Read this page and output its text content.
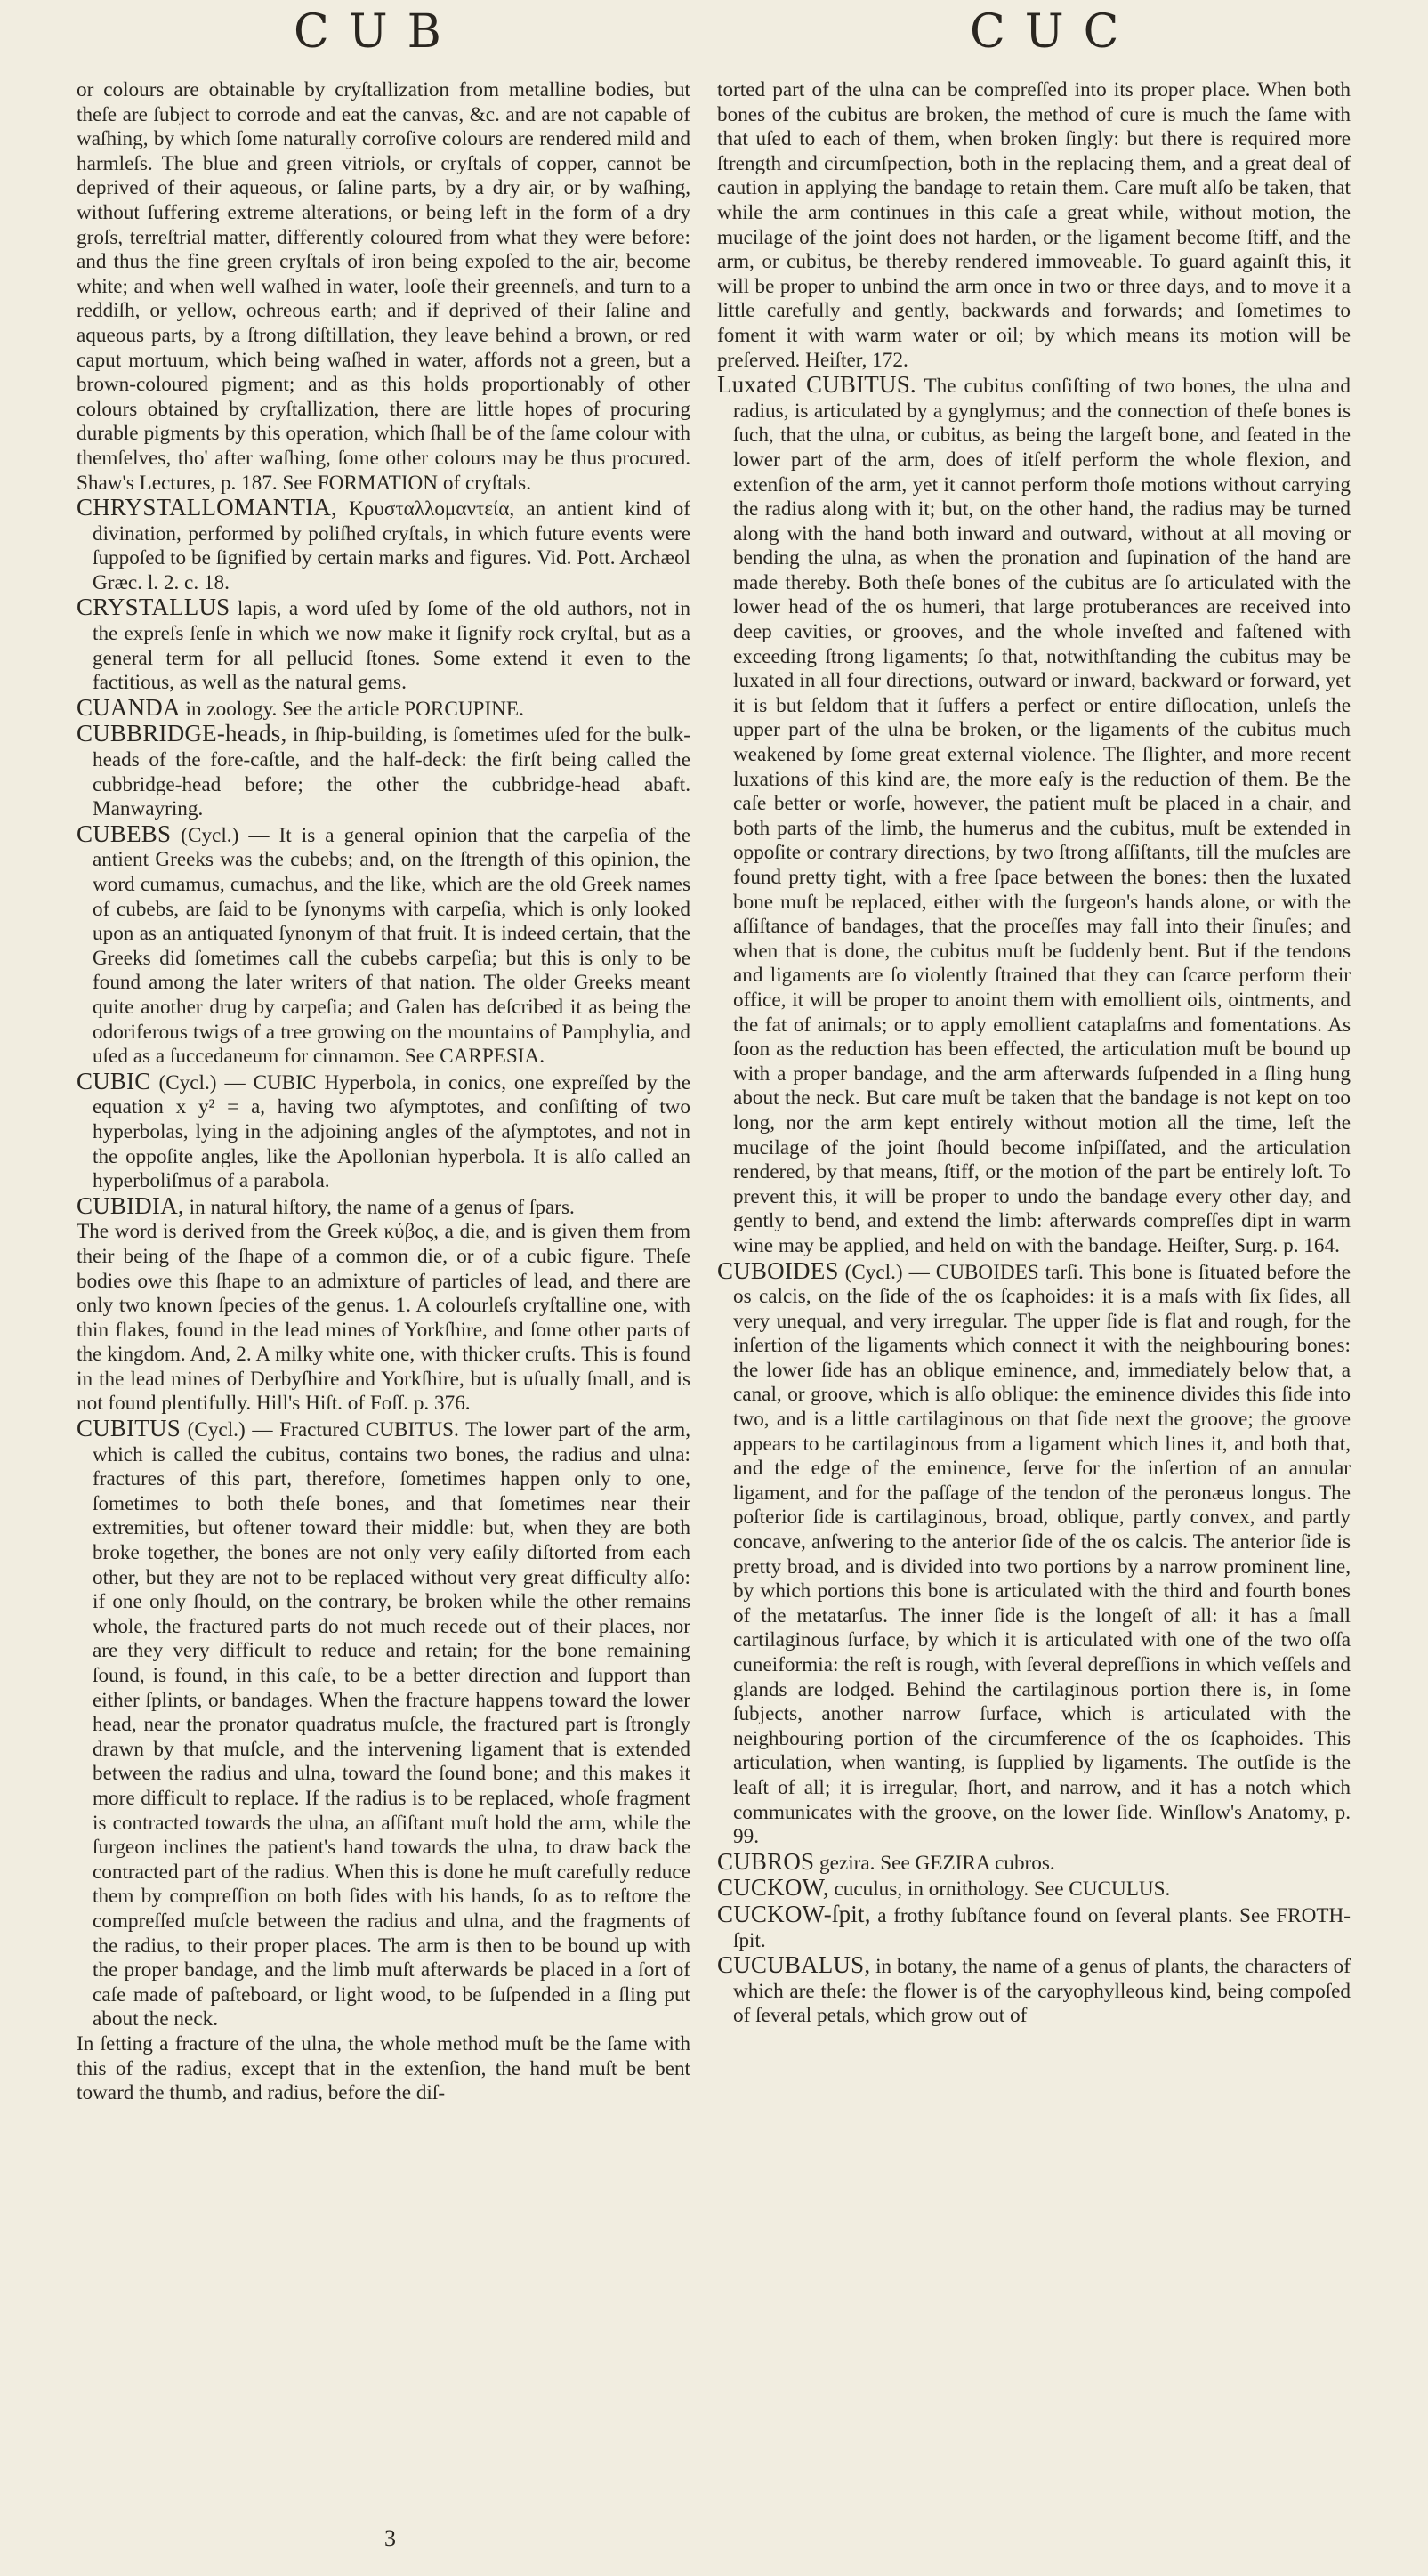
CUB	CUC

or colours are obtainable by cryſtallization from metalline bodies, but theſe are ſubject to corrode and eat the canvas, &c. and are not capable of waſhing, by which ſome naturally corroſive colours are rendered mild and harmleſs. The blue and green vitriols, or cryſtals of copper, cannot be deprived of their aqueous, or ſaline parts, by a dry air, or by waſhing, without ſuffering extreme alterations, or being left in the form of a dry groſs, terreſtrial matter, differently coloured from what they were before: and thus the fine green cryſtals of iron being expoſed to the air, become white; and when well waſhed in water, looſe their greenneſs, and turn to a reddiſh, or yellow, ochreous earth; and if deprived of their ſaline and aqueous parts, by a ſtrong diſtillation, they leave behind a brown, or red caput mortuum, which being waſhed in water, affords not a green, but a brown-coloured pigment; and as this holds proportionably of other colours obtained by cryſtallization, there are little hopes of procuring durable pigments by this operation, which ſhall be of the ſame colour with themſelves, tho' after waſhing, ſome other colours may be thus procured. Shaw's Lectures, p. 187. See FORMATION of cryſtals.

CHRYSTALLOMANTIA, Κρυσταλλομαντεία, an antient kind of divination, performed by poliſhed cryſtals, in which future events were ſuppoſed to be ſignified by certain marks and figures. Vid. Pott. Archæol Græc. l. 2. c. 18.

CRYSTALLUS lapis, a word uſed by ſome of the old authors, not in the expreſs ſenſe in which we now make it ſignify rock cryſtal, but as a general term for all pellucid ſtones. Some extend it even to the factitious, as well as the natural gems.

CUANDA in zoology. See the article PORCUPINE.

CUBBRIDGE-heads, in ſhip-building, is ſometimes uſed for the bulk-heads of the fore-caſtle, and the half-deck: the firſt being called the cubbridge-head before; the other the cubbridge-head abaft. Manwayring.

CUBEBS (Cycl.) — It is a general opinion that the carpeſia of the antient Greeks was the cubebs; and, on the ſtrength of this opinion, the word cumamus, cumachus, and the like, which are the old Greek names of cubebs, are ſaid to be ſynonyms with carpeſia, which is only looked upon as an antiquated ſynonym of that fruit. It is indeed certain, that the Greeks did ſometimes call the cubebs carpeſia; but this is only to be found among the later writers of that nation. The older Greeks meant quite another drug by carpeſia; and Galen has deſcribed it as being the odoriferous twigs of a tree growing on the mountains of Pamphylia, and uſed as a ſuccedaneum for cinnamon. See CARPESIA.

CUBIC (Cycl.) — CUBIC Hyperbola, in conics, one expreſſed by the equation x y² = a, having two aſymptotes, and conſiſting of two hyperbolas, lying in the adjoining angles of the aſymptotes, and not in the oppoſite angles, like the Apollonian hyperbola. It is alſo called an hyperboliſmus of a parabola.

CUBIDIA, in natural hiſtory, the name of a genus of ſpars.

The word is derived from the Greek κύβος, a die, and is given them from their being of the ſhape of a common die, or of a cubic figure. Theſe bodies owe this ſhape to an admixture of particles of lead, and there are only two known ſpecies of the genus. 1. A colourleſs cryſtalline one, with thin flakes, found in the lead mines of Yorkſhire, and ſome other parts of the kingdom. And, 2. A milky white one, with thicker cruſts. This is found in the lead mines of Derbyſhire and Yorkſhire, but is uſually ſmall, and is not found plentifully. Hill's Hiſt. of Foſſ. p. 376.

CUBITUS (Cycl.) — Fractured CUBITUS. The lower part of the arm, which is called the cubitus, contains two bones, the radius and ulna: fractures of this part, therefore, ſometimes happen only to one, ſometimes to both theſe bones, and that ſometimes near their extremities, but oftener toward their middle: but, when they are both broke together, the bones are not only very eaſily diſtorted from each other, but they are not to be replaced without very great difficulty alſo: if one only ſhould, on the contrary, be broken while the other remains whole, the fractured parts do not much recede out of their places, nor are they very difficult to reduce and retain; for the bone remaining ſound, is found, in this caſe, to be a better direction and ſupport than either ſplints, or bandages. When the fracture happens toward the lower head, near the pronator quadratus muſcle, the fractured part is ſtrongly drawn by that muſcle, and the intervening ligament that is extended between the radius and ulna, toward the ſound bone; and this makes it more difficult to replace. If the radius is to be replaced, whoſe fragment is contracted towards the ulna, an aſſiſtant muſt hold the arm, while the ſurgeon inclines the patient's hand towards the ulna, to draw back the contracted part of the radius. When this is done he muſt carefully reduce them by compreſſion on both ſides with his hands, ſo as to reſtore the compreſſed muſcle between the radius and ulna, and the fragments of the radius, to their proper places. The arm is then to be bound up with the proper bandage, and the limb muſt afterwards be placed in a ſort of caſe made of paſteboard, or light wood, to be ſuſpended in a ſling put about the neck.

In ſetting a fracture of the ulna, the whole method muſt be the ſame with this of the radius, except that in the extenſion, the hand muſt be bent toward the thumb, and radius, before the diſ-

torted part of the ulna can be compreſſed into its proper place. When both bones of the cubitus are broken, the method of cure is much the ſame with that uſed to each of them, when broken ſingly: but there is required more ſtrength and circumſpection, both in the replacing them, and a great deal of caution in applying the bandage to retain them. Care muſt alſo be taken, that while the arm continues in this caſe a great while, without motion, the mucilage of the joint does not harden, or the ligament become ſtiff, and the arm, or cubitus, be thereby rendered immoveable. To guard againſt this, it will be proper to unbind the arm once in two or three days, and to move it a little carefully and gently, backwards and forwards; and ſometimes to foment it with warm water or oil; by which means its motion will be preſerved. Heiſter, 172.

Luxated CUBITUS. The cubitus conſiſting of two bones, the ulna and radius, is articulated by a gynglymus; and the connection of theſe bones is ſuch, that the ulna, or cubitus, as being the largeſt bone, and ſeated in the lower part of the arm, does of itſelf perform the whole flexion, and extenſion of the arm, yet it cannot perform thoſe motions without carrying the radius along with it; but, on the other hand, the radius may be turned along with the hand both inward and outward, without at all moving or bending the ulna, as when the pronation and ſupination of the hand are made thereby. Both theſe bones of the cubitus are ſo articulated with the lower head of the os humeri, that large protuberances are received into deep cavities, or grooves, and the whole inveſted and faſtened with exceeding ſtrong ligaments; ſo that, notwithſtanding the cubitus may be luxated in all four directions, outward or inward, backward or forward, yet it is but ſeldom that it ſuffers a perfect or entire diſlocation, unleſs the upper part of the ulna be broken, or the ligaments of the cubitus much weakened by ſome great external violence. The ſlighter, and more recent luxations of this kind are, the more eaſy is the reduction of them. Be the caſe better or worſe, however, the patient muſt be placed in a chair, and both parts of the limb, the humerus and the cubitus, muſt be extended in oppoſite or contrary directions, by two ſtrong aſſiſtants, till the muſcles are found pretty tight, with a free ſpace between the bones: then the luxated bone muſt be replaced, either with the ſurgeon's hands alone, or with the aſſiſtance of bandages, that the proceſſes may fall into their ſinuſes; and when that is done, the cubitus muſt be ſuddenly bent. But if the tendons and ligaments are ſo violently ſtrained that they can ſcarce perform their office, it will be proper to anoint them with emollient oils, ointments, and the fat of animals; or to apply emollient cataplaſms and fomentations. As ſoon as the reduction has been effected, the articulation muſt be bound up with a proper bandage, and the arm afterwards ſuſpended in a ſling hung about the neck. But care muſt be taken that the bandage is not kept on too long, nor the arm kept entirely without motion all the time, leſt the mucilage of the joint ſhould become inſpiſſated, and the articulation rendered, by that means, ſtiff, or the motion of the part be entirely loſt. To prevent this, it will be proper to undo the bandage every other day, and gently to bend, and extend the limb: afterwards compreſſes dipt in warm wine may be applied, and held on with the bandage. Heiſter, Surg. p. 164.

CUBOIDES (Cycl.) — CUBOIDES tarſi. This bone is ſituated before the os calcis, on the ſide of the os ſcaphoides: it is a maſs with ſix ſides, all very unequal, and very irregular. The upper ſide is flat and rough, for the inſertion of the ligaments which connect it with the neighbouring bones: the lower ſide has an oblique eminence, and, immediately below that, a canal, or groove, which is alſo oblique: the eminence divides this ſide into two, and is a little cartilaginous on that ſide next the groove; the groove appears to be cartilaginous from a ligament which lines it, and both that, and the edge of the eminence, ſerve for the inſertion of an annular ligament, and for the paſſage of the tendon of the peronæus longus. The poſterior ſide is cartilaginous, broad, oblique, partly convex, and partly concave, anſwering to the anterior ſide of the os calcis. The anterior ſide is pretty broad, and is divided into two portions by a narrow prominent line, by which portions this bone is articulated with the third and fourth bones of the metatarſus. The inner ſide is the longeſt of all: it has a ſmall cartilaginous ſurface, by which it is articulated with one of the two oſſa cuneiformia: the reſt is rough, with ſeveral depreſſions in which veſſels and glands are lodged. Behind the cartilaginous portion there is, in ſome ſubjects, another narrow ſurface, which is articulated with the neighbouring portion of the circumference of the os ſcaphoides. This articulation, when wanting, is ſupplied by ligaments. The outſide is the leaſt of all; it is irregular, ſhort, and narrow, and it has a notch which communicates with the groove, on the lower ſide. Winſlow's Anatomy, p. 99.

CUBROS gezira. See GEZIRA cubros.

CUCKOW, cuculus, in ornithology. See CUCULUS.

CUCKOW-ſpit, a frothy ſubſtance found on ſeveral plants. See FROTH-ſpit.

CUCUBALUS, in botany, the name of a genus of plants, the characters of which are theſe: the flower is of the caryophylleous kind, being compoſed of ſeveral petals, which grow out of

3
